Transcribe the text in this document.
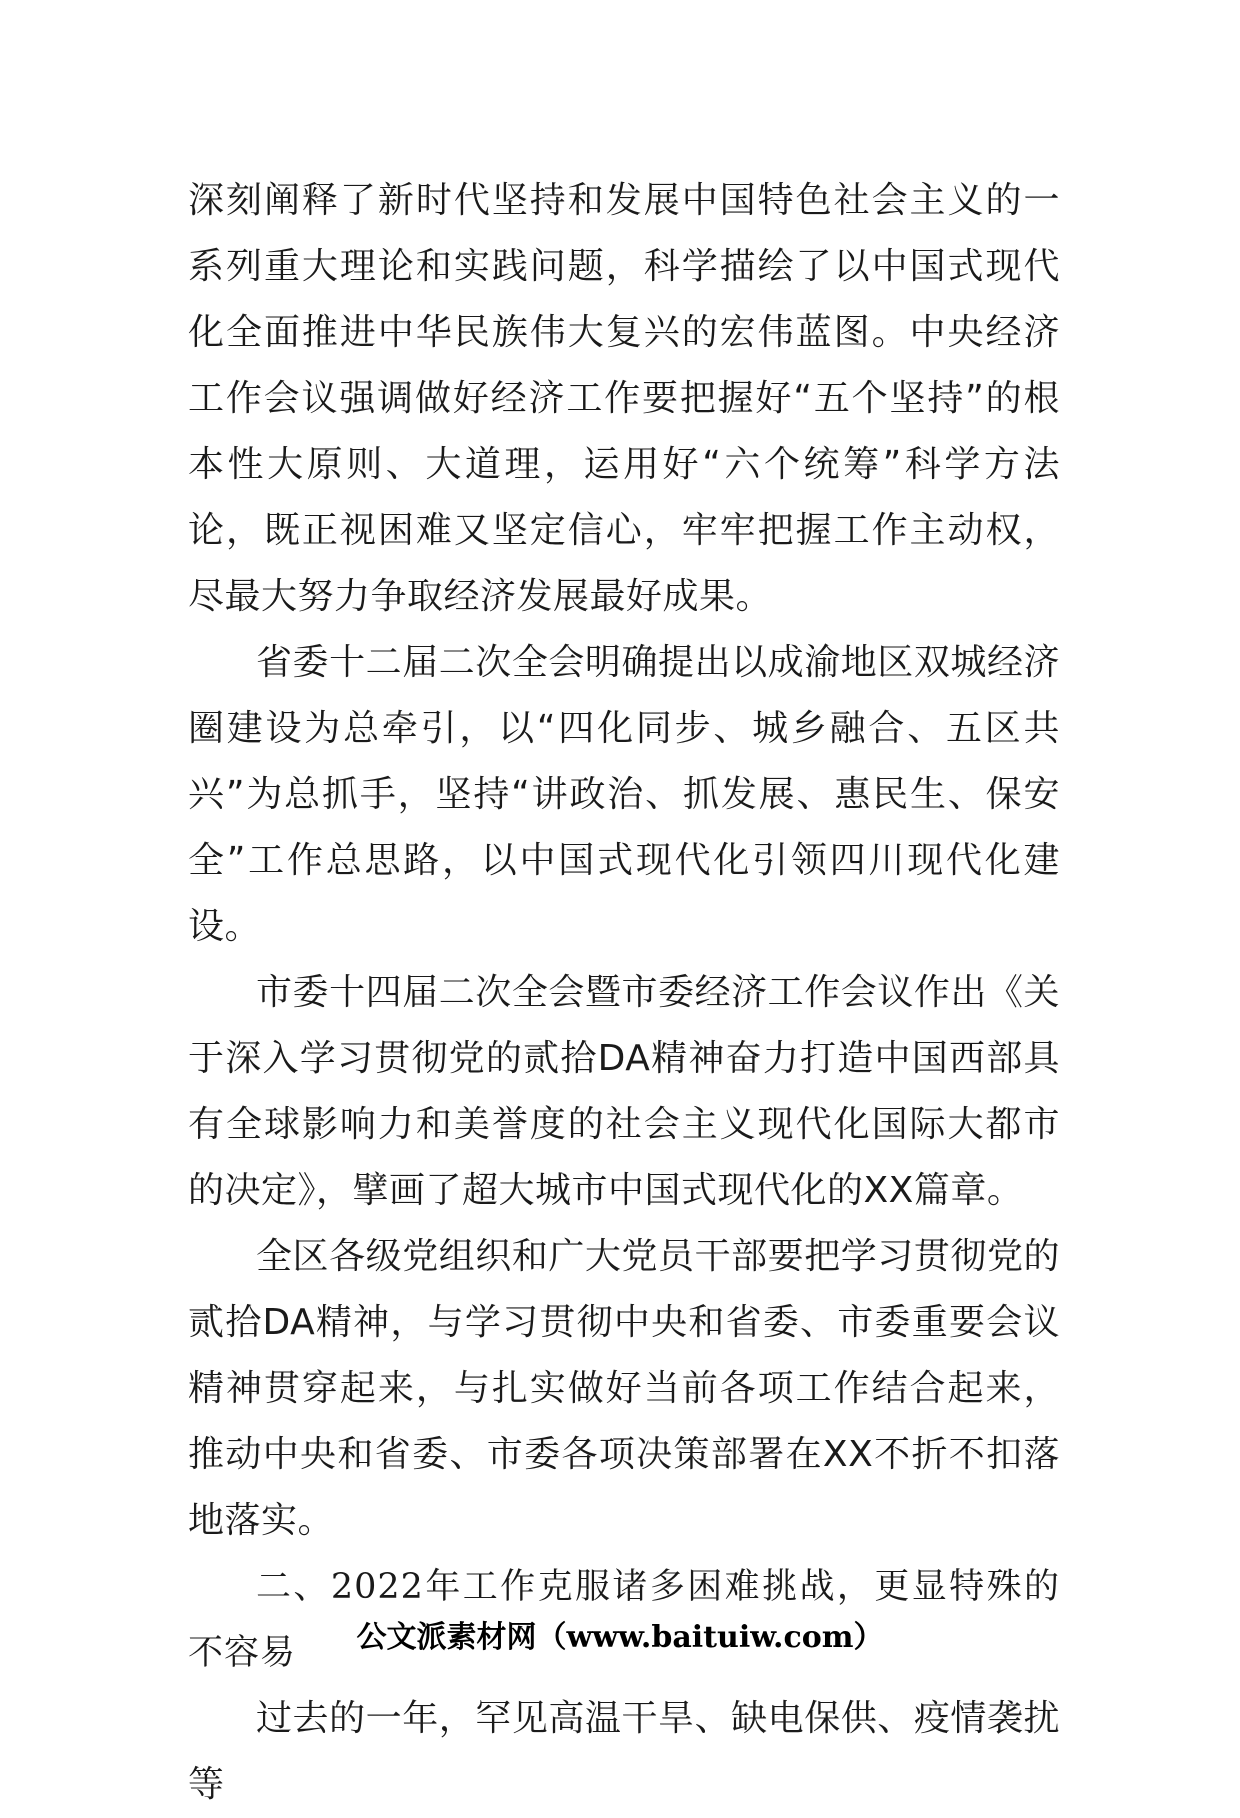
深刻阐释了新时代坚持和发展中国特色社会主义的一系列重大理论和实践问题，科学描绘了以中国式现代化全面推进中华民族伟大复兴的宏伟蓝图。中央经济工作会议强调做好经济工作要把握好“五个坚持”的根本性大原则、大道理，运用好“六个统筹”科学方法论，既正视困难又坚定信心，牢牢把握工作主动权，尽最大努力争取经济发展最好成果。

省委十二届二次全会明确提出以成渝地区双城经济圈建设为总牵引，以“四化同步、城乡融合、五区共兴”为总抓手，坚持“讲政治、抓发展、惠民生、保安全”工作总思路，以中国式现代化引领四川现代化建设。

市委十四届二次全会暨市委经济工作会议作出《关于深入学习贯彻党的贰拾DA精神奋力打造中国西部具有全球影响力和美誉度的社会主义现代化国际大都市的决定》，擘画了超大城市中国式现代化的XX篇章。

全区各级党组织和广大党员干部要把学习贯彻党的贰拾DA精神，与学习贯彻中央和省委、市委重要会议精神贯穿起来，与扎实做好当前各项工作结合起来，推动中央和省委、市委各项决策部署在XX不折不扣落地落实。

二、2022年工作克服诸多困难挑战，更显特殊的不容易

过去的一年，罕见高温干旱、缺电保供、疫情袭扰等

公文派素材网（www.baituiw.com）
